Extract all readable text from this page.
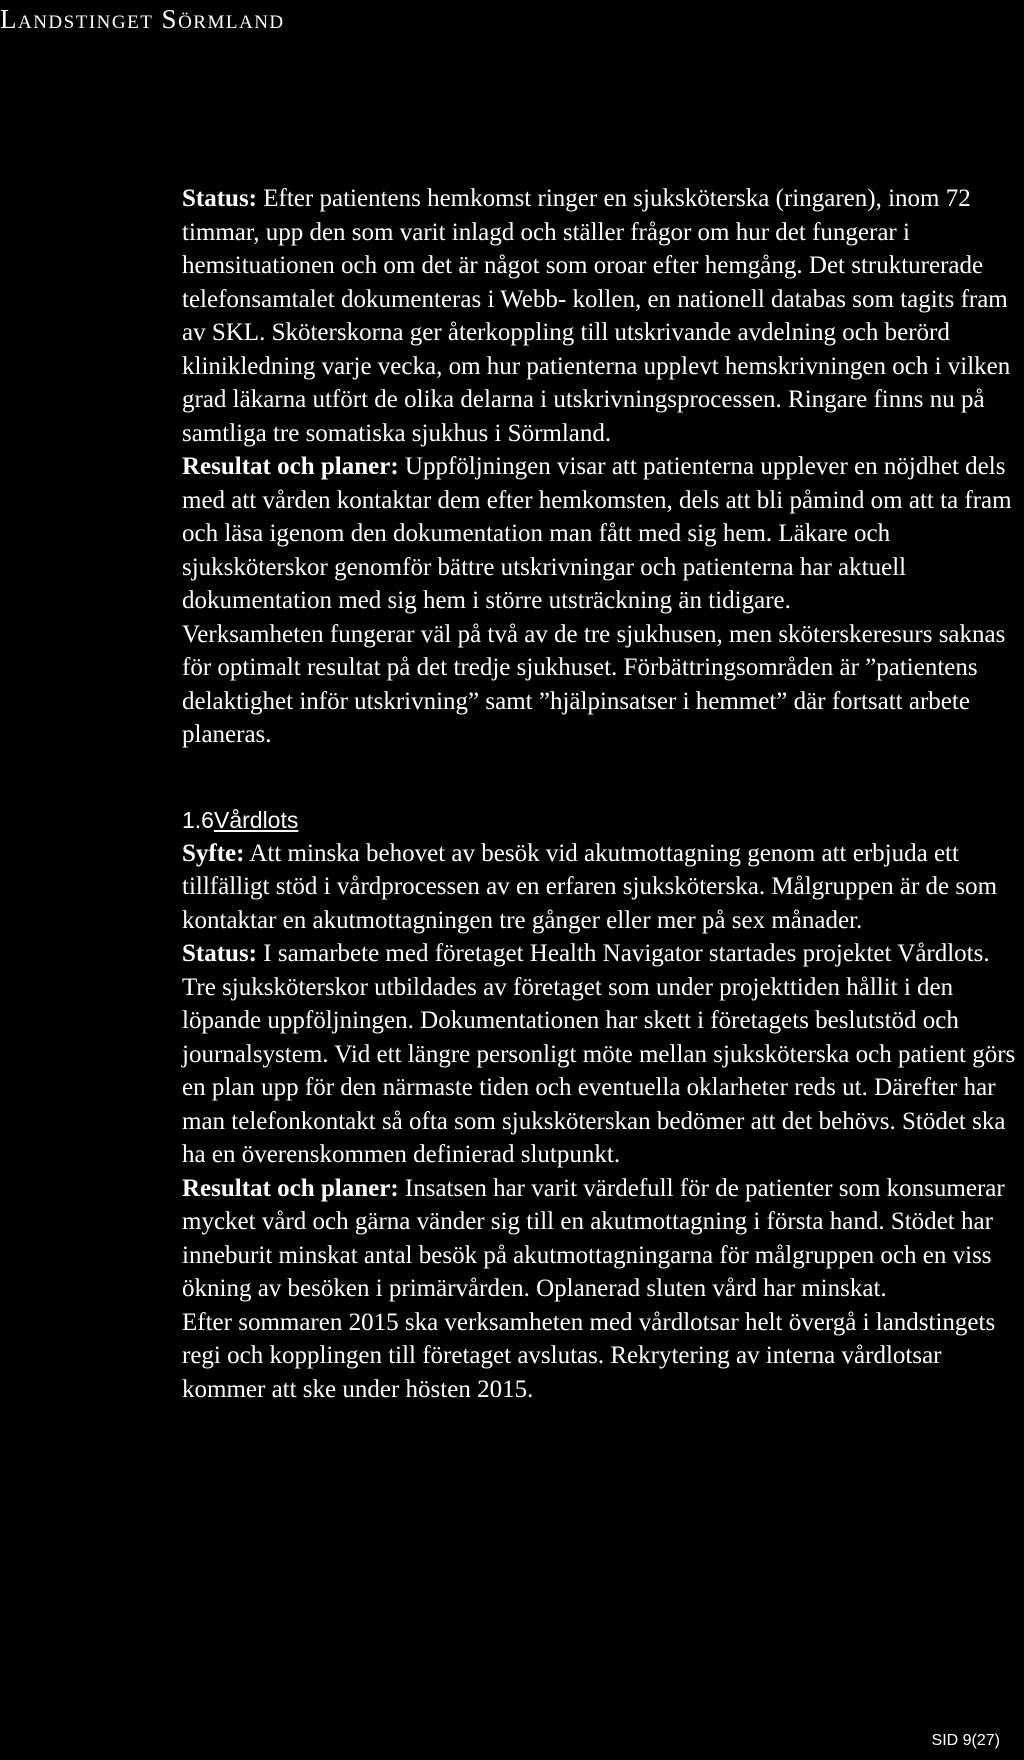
Landstinget Sörmland

Status: Efter patientens hemkomst ringer en sjuksköterska (ringaren), inom 72 timmar, upp den som varit inlagd och ställer frågor om hur det fungerar i hemsituationen och om det är något som oroar efter hemgång. Det strukturerade telefonsamtalet dokumenteras i Webb- kollen, en nationell databas som tagits fram av SKL. Sköterskorna ger återkoppling till utskrivande avdelning och berörd klinikledning varje vecka, om hur patienterna upplevt hemskrivningen och i vilken grad läkarna utfört de olika delarna i utskrivningsprocessen. Ringare finns nu på samtliga tre somatiska sjukhus i Sörmland.

Resultat och planer: Uppföljningen visar att patienterna upplever en nöjdhet dels med att vården kontaktar dem efter hemkomsten, dels att bli påmind om att ta fram och läsa igenom den dokumentation man fått med sig hem. Läkare och sjuksköterskor genomför bättre utskrivningar och patienterna har aktuell dokumentation med sig hem i större utsträckning än tidigare.

Verksamheten fungerar väl på två av de tre sjukhusen, men sköterskeresurs saknas för optimalt resultat på det tredje sjukhuset. Förbättringsområden är ”patientens delaktighet inför utskrivning” samt ”hjälpinsatser i hemmet” där fortsatt arbete planeras.

1.6Vårdlots

Syfte: Att minska behovet av besök vid akutmottagning genom att erbjuda ett tillfälligt stöd i vårdprocessen av en erfaren sjuksköterska. Målgruppen är de som kontaktar en akutmottagningen tre gånger eller mer på sex månader.

Status: I samarbete med företaget Health Navigator startades projektet Vårdlots. Tre sjuksköterskor utbildades av företaget som under projekttiden hållit i den löpande uppföljningen. Dokumentationen har skett i företagets beslutstöd och journalsystem. Vid ett längre personligt möte mellan sjuksköterska och patient görs en plan upp för den närmaste tiden och eventuella oklarheter reds ut. Därefter har man telefonkontakt så ofta som sjuksköterskan bedömer att det behövs. Stödet ska ha en överenskommen definierad slutpunkt.

Resultat och planer: Insatsen har varit värdefull för de patienter som konsumerar mycket vård och gärna vänder sig till en akutmottagning i första hand. Stödet har inneburit minskat antal besök på akutmottagningarna för målgruppen och en viss ökning av besöken i primärvården. Oplanerad sluten vård har minskat.

Efter sommaren 2015 ska verksamheten med vårdlotsar helt övergå i landstingets regi och kopplingen till företaget avslutas. Rekrytering av interna vårdlotsar kommer att ske under hösten 2015.

SID 9(27)
